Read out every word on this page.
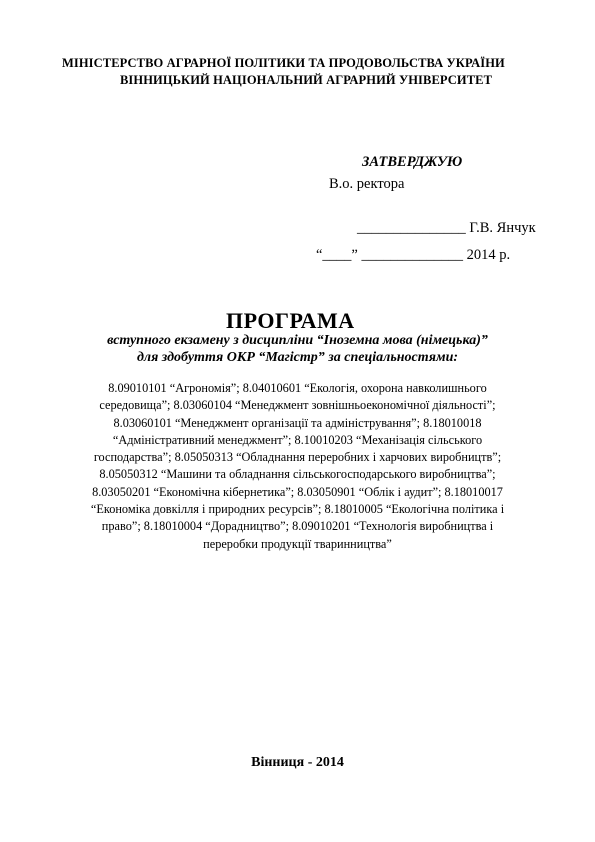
МІНІСТЕРСТВО АГРАРНОЇ ПОЛІТИКИ ТА ПРОДОВОЛЬСТВА УКРАЇНИ
ВІННИЦЬКИЙ НАЦІОНАЛЬНИЙ АГРАРНИЙ УНІВЕРСИТЕТ
ЗАТВЕРДЖУЮ
В.о. ректора
_______________ Г.В. Янчук
“____” ______________ 2014 р.
ПРОГРАМА
вступного екзамену з дисципліни “Іноземна мова (німецька)”
для здобуття ОКР “Магістр” за спеціальностями:

8.09010101 “Агрономія”; 8.04010601 “Екологія, охорона навколишнього

середовища”; 8.03060104 “Менеджмент зовнішньоекономічної діяльності”;

8.03060101 “Менеджмент організації та адміністрування”; 8.18010018

“Адміністративний менеджмент”; 8.10010203 “Механізація сільського

господарства”; 8.05050313 “Обладнання переробних і харчових виробництв”;

8.05050312 “Машини та обладнання сільськогосподарського виробництва”;

8.03050201 “Економічна кібернетика”; 8.03050901 “Облік і аудит”; 8.18010017

“Економіка довкілля і природних ресурсів”; 8.18010005 “Екологічна політика і

право”; 8.18010004 “Дорадництво”; 8.09010201 “Технологія виробництва і

переробки продукції тваринництва”

Вінниця - 2014
